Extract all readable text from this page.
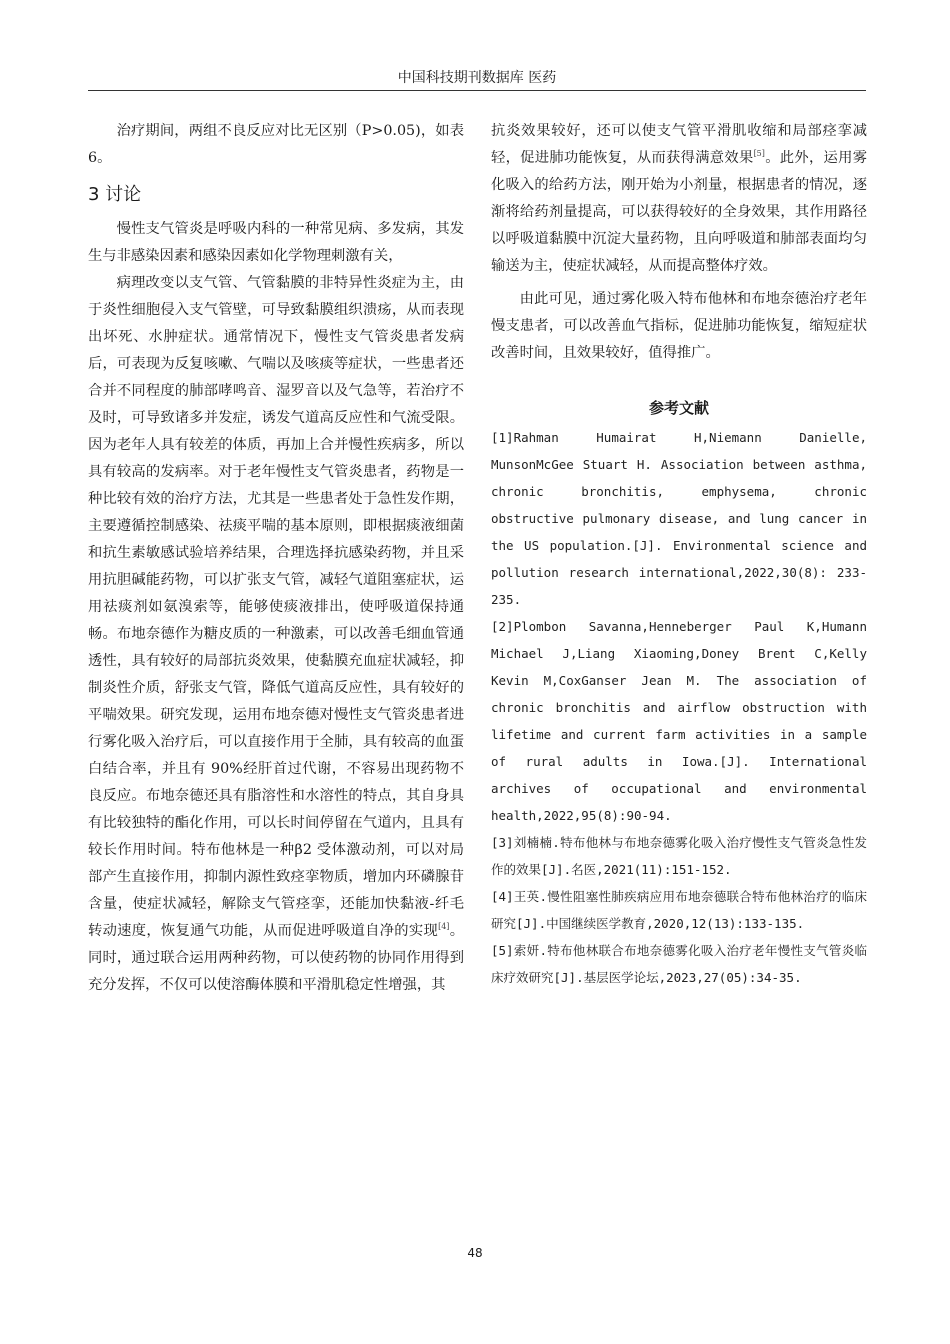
中国科技期刊数据库 医药

治疗期间，两组不良反应对比无区别（P>0.05)，如表 6。

3 讨论

慢性支气管炎是呼吸内科的一种常见病、多发病，其发生与非感染因素和感染因素如化学物理刺激有关，

病理改变以支气管、气管黏膜的非特异性炎症为主，由于炎性细胞侵入支气管壁，可导致黏膜组织溃疡，从而表现出坏死、水肿症状。通常情况下，慢性支气管炎患者发病后，可表现为反复咳嗽、气喘以及咳痰等症状，一些患者还合并不同程度的肺部哮鸣音、湿罗音以及气急等，若治疗不及时，可导致诸多并发症，诱发气道高反应性和气流受限。因为老年人具有较差的体质，再加上合并慢性疾病多，所以具有较高的发病率。对于老年慢性支气管炎患者，药物是一种比较有效的治疗方法，尤其是一些患者处于急性发作期，主要遵循控制感染、祛痰平喘的基本原则，即根据痰液细菌和抗生素敏感试验培养结果，合理选择抗感染药物，并且采用抗胆碱能药物，可以扩张支气管，减轻气道阻塞症状，运用祛痰剂如氨溴索等，能够使痰液排出，使呼吸道保持通畅。布地奈德作为糖皮质的一种激素，可以改善毛细血管通透性，具有较好的局部抗炎效果，使黏膜充血症状减轻，抑制炎性介质，舒张支气管，降低气道高反应性，具有较好的平喘效果。研究发现，运用布地奈德对慢性支气管炎患者进行雾化吸入治疗后，可以直接作用于全肺，具有较高的血蛋白结合率，并且有 90%经肝首过代谢，不容易出现药物不良反应。布地奈德还具有脂溶性和水溶性的特点，其自身具有比较独特的酯化作用，可以长时间停留在气道内，且具有较长作用时间。特布他林是一种β2 受体激动剂，可以对局部产生直接作用，抑制内源性致痉挛物质，增加内环磷腺苷含量，使症状减轻，解除支气管痉挛，还能加快黏液-纤毛转动速度，恢复通气功能，从而促进呼吸道自净的实现[4]。同时，通过联合运用两种药物，可以使药物的协同作用得到充分发挥，不仅可以使溶酶体膜和平滑肌稳定性增强，其

抗炎效果较好，还可以使支气管平滑肌收缩和局部痉挛减轻，促进肺功能恢复，从而获得满意效果[5]。此外，运用雾化吸入的给药方法，刚开始为小剂量，根据患者的情况，逐渐将给药剂量提高，可以获得较好的全身效果，其作用路径以呼吸道黏膜中沉淀大量药物，且向呼吸道和肺部表面均匀输送为主，使症状减轻，从而提高整体疗效。

由此可见，通过雾化吸入特布他林和布地奈德治疗老年慢支患者，可以改善血气指标，促进肺功能恢复，缩短症状改善时间，且效果较好，值得推广。

参考文献

[1]Rahman Humairat H,Niemann Danielle, MunsonMcGee Stuart H. Association between asthma, chronic bronchitis, emphysema, chronic obstructive pulmonary disease, and lung cancer in the US population.[J]. Environmental science and pollution research international,2022,30(8): 233-235.

[2]Plombon Savanna,Henneberger Paul K,Humann Michael J,Liang Xiaoming,Doney Brent C,Kelly Kevin M,CoxGanser Jean M. The association of chronic bronchitis and airflow obstruction with lifetime and current farm activities in a sample of rural adults in Iowa.[J]. International archives of occupational and environmental health,2022,95(8):90-94.

[3]刘楠楠.特布他林与布地奈德雾化吸入治疗慢性支气管炎急性发作的效果[J].名医,2021(11):151-152.

[4]王英.慢性阻塞性肺疾病应用布地奈德联合特布他林治疗的临床研究[J].中国继续医学教育,2020,12(13):133-135.

[5]索妍.特布他林联合布地奈德雾化吸入治疗老年慢性支气管炎临床疗效研究[J].基层医学论坛,2023,27(05):34-35.

48
